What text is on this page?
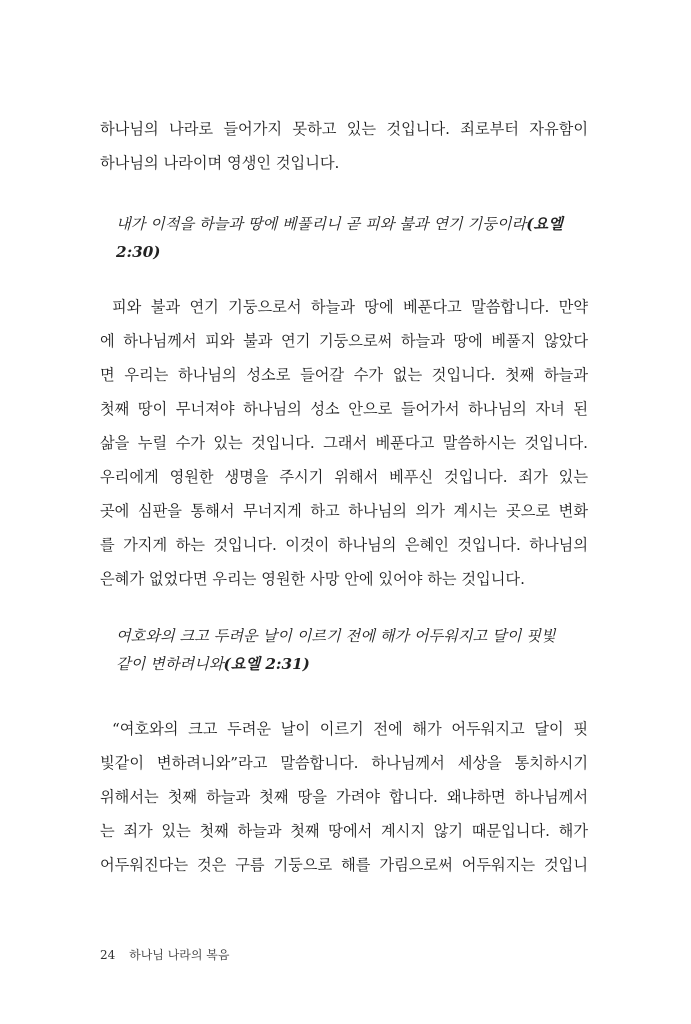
하나님의 나라로 들어가지 못하고 있는 것입니다. 죄로부터 자유함이
하나님의 나라이며 영생인 것입니다.
내가 이적을 하늘과 땅에 베풀리니 곧 피와 불과 연기 기둥이라(요엘
2:30)
피와 불과 연기 기둥으로서 하늘과 땅에 베푼다고 말씀합니다. 만약
에 하나님께서 피와 불과 연기 기둥으로써 하늘과 땅에 베풀지 않았다
면 우리는 하나님의 성소로 들어갈 수가 없는 것입니다. 첫째 하늘과
첫째 땅이 무너져야 하나님의 성소 안으로 들어가서 하나님의 자녀 된
삶을 누릴 수가 있는 것입니다. 그래서 베푼다고 말씀하시는 것입니다.
우리에게 영원한 생명을 주시기 위해서 베푸신 것입니다. 죄가 있는
곳에 심판을 통해서 무너지게 하고 하나님의 의가 계시는 곳으로 변화
를 가지게 하는 것입니다. 이것이 하나님의 은혜인 것입니다. 하나님의
은혜가 없었다면 우리는 영원한 사망 안에 있어야 하는 것입니다.
여호와의 크고 두려운 날이 이르기 전에 해가 어두워지고 달이 핏빛
같이 변하려니와(요엘 2:31)
“여호와의 크고 두려운 날이 이르기 전에 해가 어두워지고 달이 핏
빛같이 변하려니와”라고 말씀합니다. 하나님께서 세상을 통치하시기
위해서는 첫째 하늘과 첫째 땅을 가려야 합니다. 왜냐하면 하나님께서
는 죄가 있는 첫째 하늘과 첫째 땅에서 계시지 않기 때문입니다. 해가
어두워진다는 것은 구름 기둥으로 해를 가림으로써 어두워지는 것입니
24 하나님 나라의 복음
